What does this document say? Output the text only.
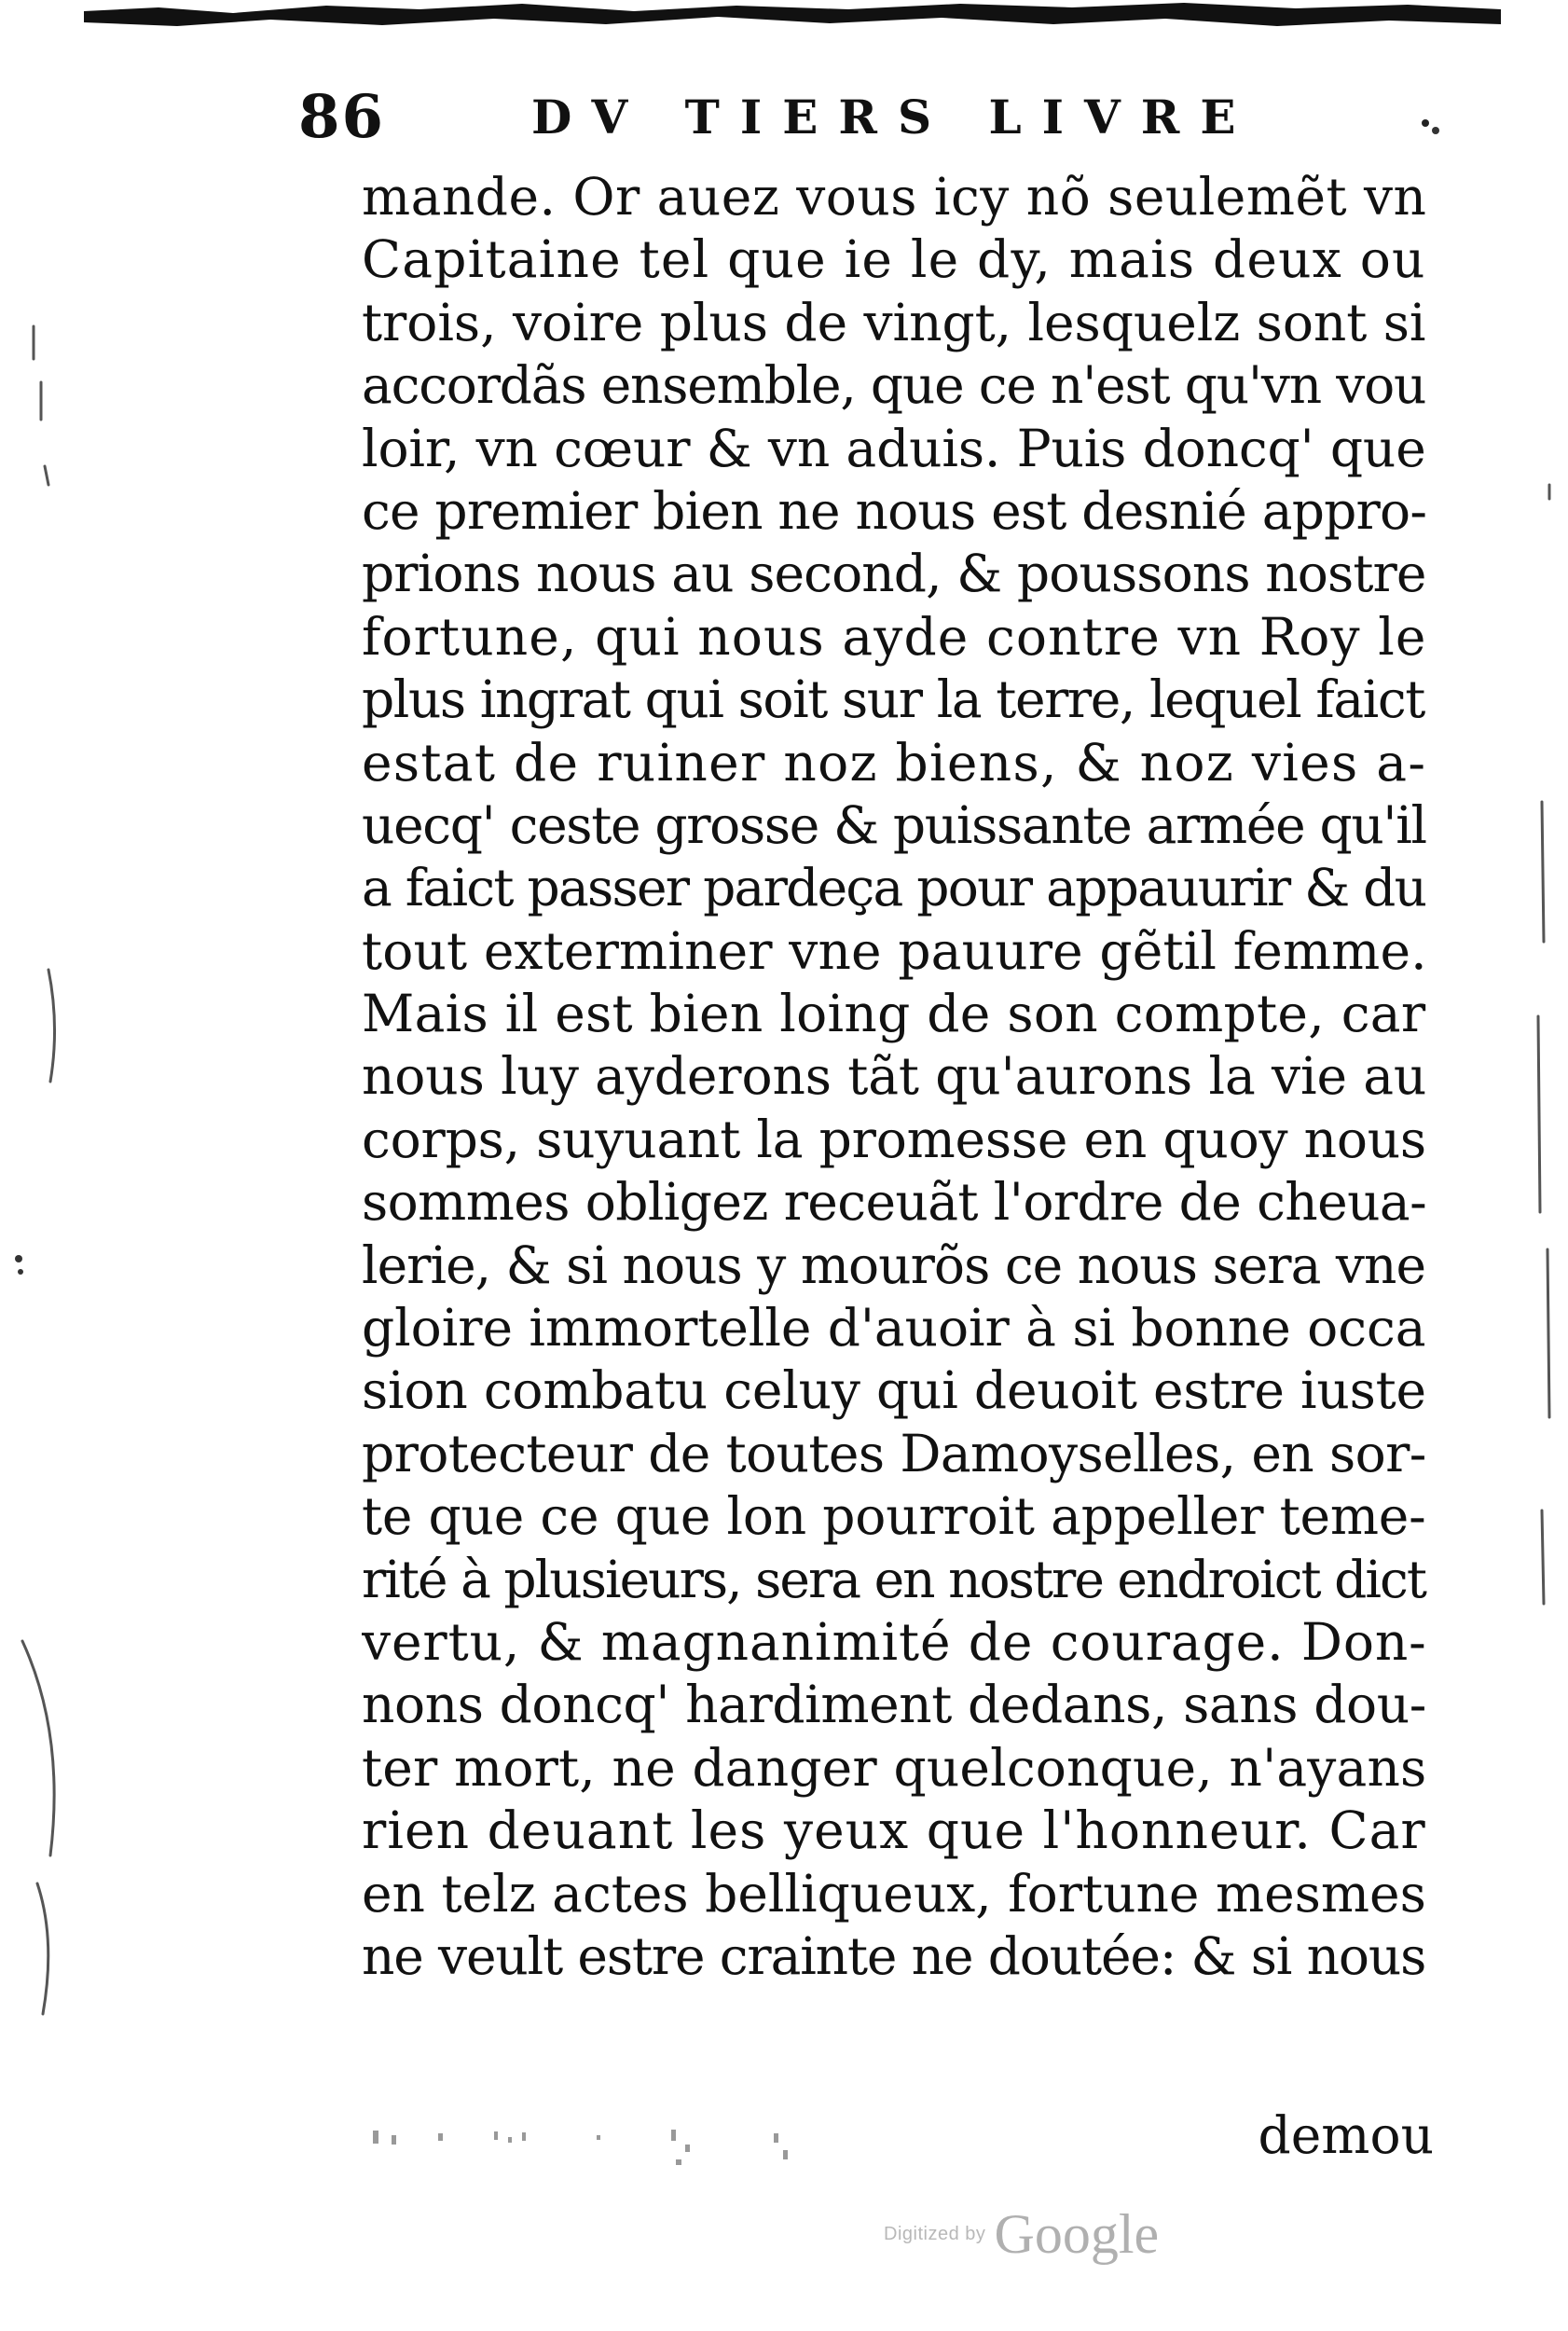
86	DV TIERS LIVRE
mande. Or auez vous icy nõ seulemẽt vn
Capitaine tel que ie le dy, mais deux ou
trois, voire plus de vingt, lesquelz sont si
accordãs ensemble, que ce n'est qu'vn vou
loir, vn cœur & vn aduis. Puis doncq' que
ce premier bien ne nous est desnié appro-
prions nous au second, & poussons nostre
fortune, qui nous ayde contre vn Roy le
plus ingrat qui soit sur la terre, lequel faict
estat de ruiner noz biens, & noz vies a-
uecq' ceste grosse & puissante armée qu'il
a faict passer pardeça pour appauurir & du
tout exterminer vne pauure gẽtil femme.
Mais il est bien loing de son compte, car
nous luy ayderons tãt qu'aurons la vie au
corps, suyuant la promesse en quoy nous
sommes obligez receuãt l'ordre de cheua-
lerie, & si nous y mourõs ce nous sera vne
gloire immortelle d'auoir à si bonne occa
sion combatu celuy qui deuoit estre iuste
protecteur de toutes Damoyselles, en sor-
te que ce que lon pourroit appeller teme-
rité à plusieurs, sera en nostre endroict dict
vertu, & magnanimité de courage. Don-
nons doncq' hardiment dedans, sans dou-
ter mort, ne danger quelconque, n'ayans
rien deuant les yeux que l'honneur. Car
en telz actes belliqueux, fortune mesmes
ne veult estre crainte ne doutée: & si nous
demou
Digitized by Google
